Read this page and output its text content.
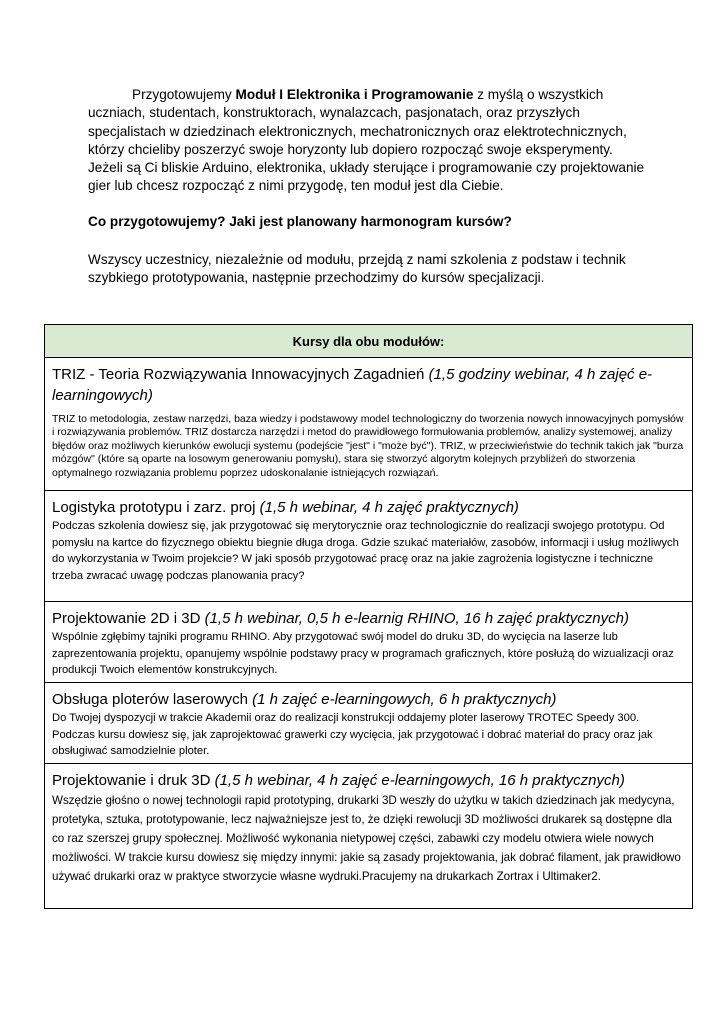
Przygotowujemy Moduł I Elektronika i Programowanie z myślą o wszystkich uczniach, studentach, konstruktorach, wynalazcach, pasjonatach, oraz przyszłych specjalistach w dziedzinach elektronicznych, mechatronicznych oraz elektrotechnicznych, którzy chcieliby poszerzyć swoje horyzonty lub dopiero rozpocząć swoje eksperymenty. Jeżeli są Ci bliskie Arduino, elektronika, układy sterujące i programowanie czy projektowanie gier lub chcesz rozpocząć z nimi przygodę, ten moduł jest dla Ciebie.

Co przygotowujemy? Jaki jest planowany harmonogram kursów?

Wszyscy uczestnicy, niezależnie od modułu, przejdą z nami szkolenia z podstaw i technik szybkiego prototypowania, następnie przechodzimy do kursów specjalizacji.

Kursy dla obu modułów:

TRIZ - Teoria Rozwiązywania Innowacyjnych Zagadnień (1,5 godziny webinar, 4 h zajęć e-learningowych)

TRIZ to metodologia, zestaw narzędzi, baza wiedzy i podstawowy model technologiczny do tworzenia nowych innowacyjnych pomysłów i rozwiązywania problemów. TRIZ dostarcza narzędzi i metod do prawidłowego formułowania problemów, analizy systemowej, analizy błędów oraz możliwych kierunków ewolucji systemu (podejście "jest" i "może być"). TRIZ, w przeciwieństwie do technik takich jak "burza mózgów" (które są oparte na losowym generowaniu pomysłu), stara się stworzyć algorytm kolejnych przybliżeń do stworzenia optymalnego rozwiązania problemu poprzez udoskonalanie istniejących rozwiązań.

Logistyka prototypu i zarz. proj (1,5 h webinar, 4 h zajęć praktycznych)

Podczas szkolenia dowiesz się, jak przygotować się merytorycznie oraz technologicznie do realizacji swojego prototypu. Od pomysłu na kartce do fizycznego obiektu biegnie długa droga. Gdzie szukać materiałów, zasobów, informacji i usług możliwych do wykorzystania w Twoim projekcie? W jaki sposób przygotować pracę oraz na jakie zagrożenia logistyczne i techniczne trzeba zwracać uwagę podczas planowania pracy?

Projektowanie 2D i 3D (1,5 h webinar, 0,5 h e-learnig RHINO, 16 h zajęć praktycznych)

Wspólnie zgłębimy tajniki programu RHINO. Aby przygotować swój model do druku 3D, do wycięcia na laserze lub zaprezentowania projektu, opanujemy wspólnie podstawy pracy w programach graficznych, które posłużą do wizualizacji oraz produkcji Twoich elementów konstrukcyjnych.

Obsługa ploterów laserowych (1 h zajęć e-learningowych, 6 h praktycznych)

Do Twojej dyspozycji w trakcie Akademii oraz do realizacji konstrukcji oddajemy ploter laserowy TROTEC Speedy 300. Podczas kursu dowiesz się, jak zaprojektować grawerki czy wycięcia, jak przygotować i dobrać materiał do pracy oraz jak obsługiwać samodzielnie ploter.

Projektowanie i druk 3D (1,5 h webinar, 4 h zajęć e-learningowych, 16 h praktycznych)

Wszędzie głośno o nowej technologii rapid prototyping, drukarki 3D weszły do użytku w takich dziedzinach jak medycyna, protetyka, sztuka, prototypowanie, lecz najważniejsze jest to, że dzięki rewolucji 3D możliwości drukarek są dostępne dla co raz szerszej grupy społecznej. Możliwość wykonania nietypowej części, zabawki czy modelu otwiera wiele nowych możliwości. W trakcie kursu dowiesz się między innymi: jakie są zasady projektowania, jak dobrać filament, jak prawidłowo używać drukarki oraz w praktyce stworzycie własne wydruki.Pracujemy na drukarkach Zortrax i Ultimaker2.
